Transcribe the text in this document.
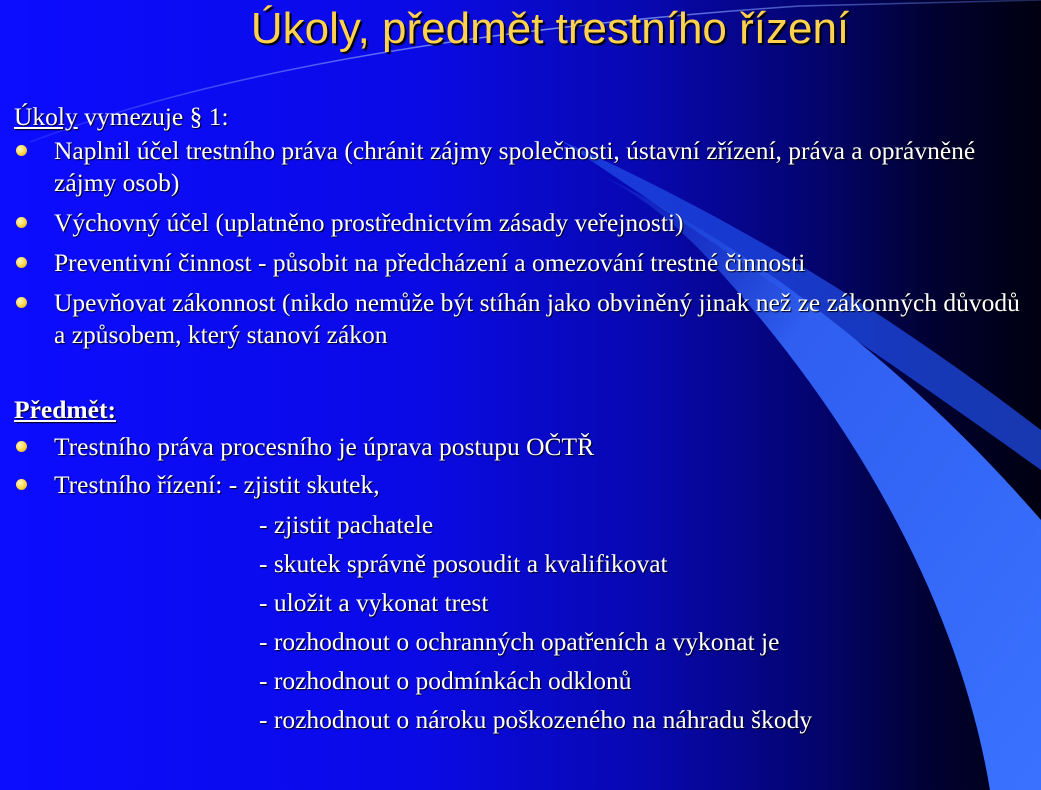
Úkoly, předmět trestního řízení

Úkoly vymezuje § 1:

Naplnil účel trestního práva (chránit zájmy společnosti, ústavní zřízení, práva a oprávněné zájmy osob)
Výchovný účel (uplatněno prostřednictvím zásady veřejnosti)
Preventivní činnost - působit na předcházení a omezování trestné činnosti
Upevňovat zákonnost (nikdo nemůže být stíhán jako obviněný jinak než ze zákonných důvodů a způsobem, který stanoví zákon

Předmět:

Trestního práva procesního je úprava postupu OČTŘ
Trestního řízení: - zjistit skutek,
- zjistit pachatele
- skutek správně posoudit a kvalifikovat
- uložit a vykonat trest
- rozhodnout o ochranných opatřeních a vykonat je
- rozhodnout o podmínkách odklonů
- rozhodnout o nároku poškozeného na náhradu škody
